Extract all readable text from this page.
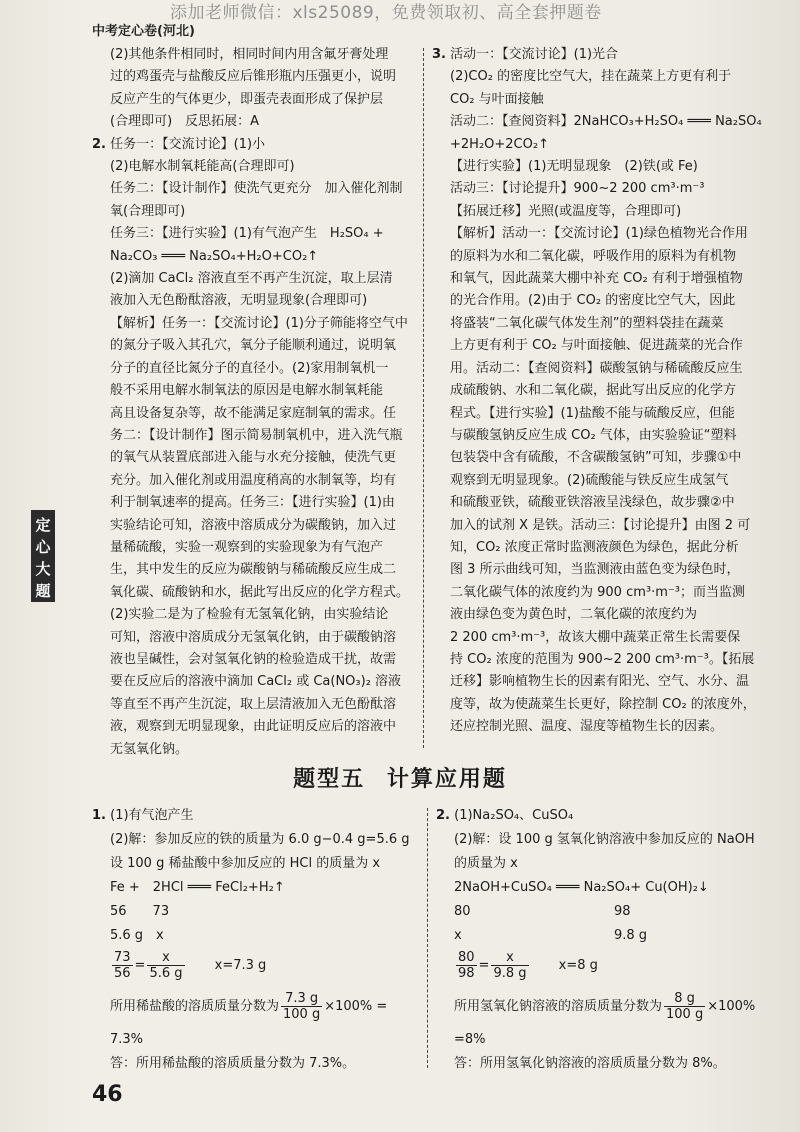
添加老师微信：xls25089，免费领取初、高全套押题卷
中考定心卷(河北)

(2)其他条件相同时，相同时间内用含氟牙膏处理

过的鸡蛋壳与盐酸反应后锥形瓶内压强更小，说明

反应产生的气体更少，即蛋壳表面形成了保护层

(合理即可)　反思拓展：A

2. 任务一：【交流讨论】(1)小

(2)电解水制氧耗能高(合理即可)

任务二：【设计制作】使洗气更充分　加入催化剂制

氧(合理即可)

任务三：【进行实验】(1)有气泡产生　H₂SO₄ +

Na₂CO₃ ═══ Na₂SO₄+H₂O+CO₂↑

(2)滴加 CaCl₂ 溶液直至不再产生沉淀，取上层清

液加入无色酚酞溶液，无明显现象(合理即可)

【解析】任务一：【交流讨论】(1)分子筛能将空气中

的氮分子吸入其孔穴，氧分子能顺利通过，说明氧

分子的直径比氮分子的直径小。(2)家用制氧机一

般不采用电解水制氧法的原因是电解水制氧耗能

高且设备复杂等，故不能满足家庭制氧的需求。任

务二：【设计制作】图示简易制氧机中，进入洗气瓶

的氧气从装置底部进入能与水充分接触，使洗气更

充分。加入催化剂或用温度稍高的水制氧等，均有

利于制氧速率的提高。任务三：【进行实验】(1)由

实验结论可知，溶液中溶质成分为碳酸钠，加入过

量稀硫酸，实验一观察到的实验现象为有气泡产

生，其中发生的反应为碳酸钠与稀硫酸反应生成二

氧化碳、硫酸钠和水，据此写出反应的化学方程式。

(2)实验二是为了检验有无氢氧化钠，由实验结论

可知，溶液中溶质成分无氢氧化钠，由于碳酸钠溶

液也呈碱性，会对氢氧化钠的检验造成干扰，故需

要在反应后的溶液中滴加 CaCl₂ 或 Ca(NO₃)₂ 溶液

等直至不再产生沉淀，取上层清液加入无色酚酞溶

液，观察到无明显现象，由此证明反应后的溶液中

无氢氧化钠。

3. 活动一：【交流讨论】(1)光合

(2)CO₂ 的密度比空气大，挂在蔬菜上方更有利于

CO₂ 与叶面接触

活动二：【查阅资料】2NaHCO₃+H₂SO₄ ═══ Na₂SO₄

+2H₂O+2CO₂↑

【进行实验】(1)无明显现象　(2)铁(或 Fe)

活动三：【讨论提升】900~2 200 cm³·m⁻³

【拓展迁移】光照(或温度等，合理即可)

【解析】活动一：【交流讨论】(1)绿色植物光合作用

的原料为水和二氧化碳，呼吸作用的原料为有机物

和氧气，因此蔬菜大棚中补充 CO₂ 有利于增强植物

的光合作用。(2)由于 CO₂ 的密度比空气大，因此

将盛装“二氧化碳气体发生剂”的塑料袋挂在蔬菜

上方更有利于 CO₂ 与叶面接触、促进蔬菜的光合作

用。活动二：【查阅资料】碳酸氢钠与稀硫酸反应生

成硫酸钠、水和二氧化碳，据此写出反应的化学方

程式。【进行实验】(1)盐酸不能与硫酸反应，但能

与碳酸氢钠反应生成 CO₂ 气体，由实验验证“塑料

包装袋中含有硫酸，不含碳酸氢钠”可知，步骤①中

观察到无明显现象。(2)硫酸能与铁反应生成氢气

和硫酸亚铁，硫酸亚铁溶液呈浅绿色，故步骤②中

加入的试剂 X 是铁。活动三：【讨论提升】由图 2 可

知，CO₂ 浓度正常时监测液颜色为绿色，据此分析

图 3 所示曲线可知，当监测液由蓝色变为绿色时，

二氧化碳气体的浓度约为 900 cm³·m⁻³；而当监测

液由绿色变为黄色时，二氧化碳的浓度约为

2 200 cm³·m⁻³，故该大棚中蔬菜正常生长需要保

持 CO₂ 浓度的范围为 900~2 200 cm³·m⁻³。【拓展

迁移】影响植物生长的因素有阳光、空气、水分、温

度等，故为使蔬菜生长更好，除控制 CO₂ 的浓度外，

还应控制光照、温度、湿度等植物生长的因素。

定心大题
题型五 计算应用题
1. (1)有气泡产生
(2)解：参加反应的铁的质量为 6.0 g−0.4 g=5.6 g
设 100 g 稀盐酸中参加反应的 HCl 的质量为 x
Fe +　2HCl ═══ FeCl₂+H₂↑
56　　73
5.6 g　x
$\frac{73}{56} = \frac{x}{5.6 g} x=7.3$ g
所用稀盐酸的溶质质量分数为 $\frac{7.3 g}{100 g} \times 100\%$ =
7.3%
答：所用稀盐酸的溶质质量分数为 7.3%。
2. (1)Na₂SO₄、CuSO₄
(2)解：设 100 g 氢氧化钠溶液中参加反应的 NaOH
的质量为 x
2NaOH+CuSO₄ ═══ Na₂SO₄+ Cu(OH)₂↓
80	98
x	9.8 g
$\frac{80}{98} = \frac{x}{9.8 g} x=8$ g
所用氢氧化钠溶液的溶质质量分数为 $\frac{8 g}{100 g} \times 100\%$
=8%
答：所用氢氧化钠溶液的溶质质量分数为 8%。
46
